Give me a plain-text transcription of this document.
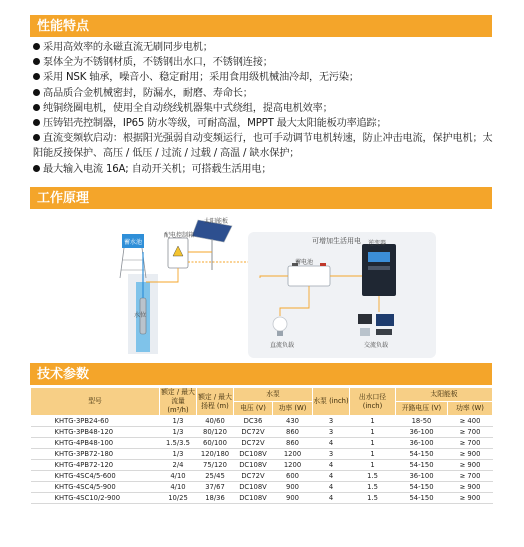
性能特点
采用高效率的永磁直流无刷同步电机；
泵体全为不锈钢材质，不锈钢出水口，不锈钢连接；
采用 NSK 轴承，噪音小、稳定耐用；采用食用级机械油冷却，无污染；
高品质合金机械密封，防漏水，耐磨、寿命长；
纯铜绕圈电机，使用全自动绕线机器集中式绕组，提高电机效率；
压铸铝壳控制器，IP65 防水等级，可耐高温，MPPT 最大太阳能板功率追踪；
直流变频软启动：根据阳光强弱自动变频运行，也可手动调节电机转速，防止冲击电流，保护电机；太阳能反接保护、高压 / 低压 / 过流 / 过载 / 高温 / 缺水保护；
最大输入电流 16A; 自动开关机；可搭载生活用电；
工作原理
太阳能板
配电控制箱
蓄水池
水位
可增加生活用电
蓄电池
逆变器
直流负载	交流负载
技术参数
型号	额定 / 最大 流量 (m³/h)	额定 / 最大 扬程 (m)	水泵		水泵 (inch)	出水口径 (inch)	太阳能板	
			电压 (V)	功率 (W)			开路电压 (V)	功率 (W)
KHTG-3PB24-60	1/3	40/60	DC36	430	3	1	18-50	≥ 400
KHTG-3PB48-120	1/3	80/120	DC72V	860	3	1	36-100	≥ 700
KHTG-4PB48-100	1.5/3.5	60/100	DC72V	860	4	1	36-100	≥ 700
KHTG-3PB72-180	1/3	120/180	DC108V	1200	3	1	54-150	≥ 900
KHTG-4PB72-120	2/4	75/120	DC108V	1200	4	1	54-150	≥ 900
KHTG-4SC4/5-600	4/10	25/45	DC72V	600	4	1.5	36-100	≥ 700
KHTG-4SC4/5-900	4/10	37/67	DC108V	900	4	1.5	54-150	≥ 900
KHTG-4SC10/2-900	10/25	18/36	DC108V	900	4	1.5	54-150	≥ 900
